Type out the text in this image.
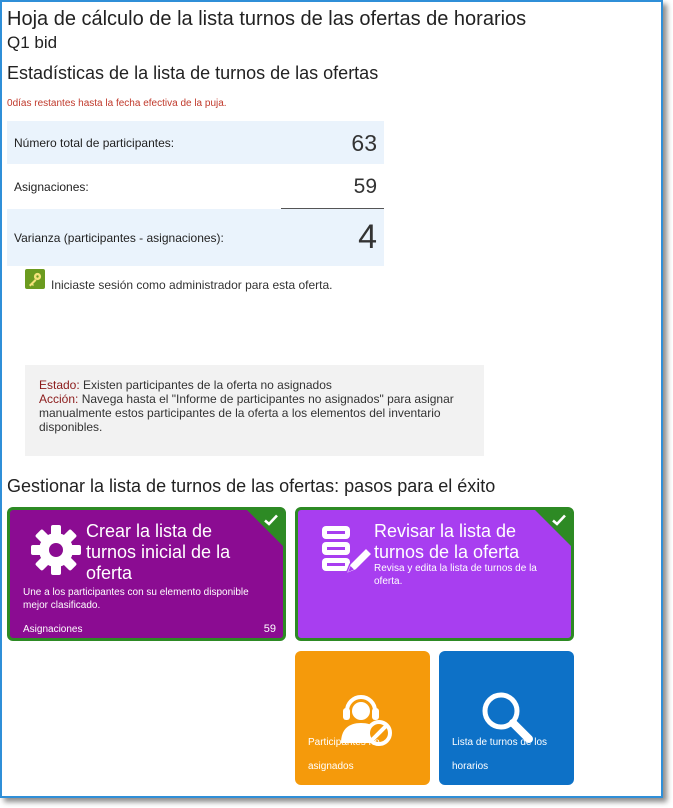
Hoja de cálculo de la lista turnos de las ofertas de horarios
Q1 bid
Estadísticas de la lista de turnos de las ofertas
0días restantes hasta la fecha efectiva de la puja.
Número total de participantes:	63
Asignaciones:	59
Varianza (participantes - asignaciones):	4
Iniciaste sesión como administrador para esta oferta.
Estado: Existen participantes de la oferta no asignados
Acción: Navega hasta el "Informe de participantes no asignados" para asignar manualmente estos participantes de la oferta a los elementos del inventario disponibles.
Gestionar la lista de turnos de las ofertas: pasos para el éxito
Crear la lista de turnos inicial de la oferta
Une a los participantes con su elemento disponible mejor clasificado.
Asignaciones	59
Revisar la lista de turnos de la oferta
Revisa y edita la lista de turnos de la oferta.
Participantes no asignados
Lista de turnos de los horarios
